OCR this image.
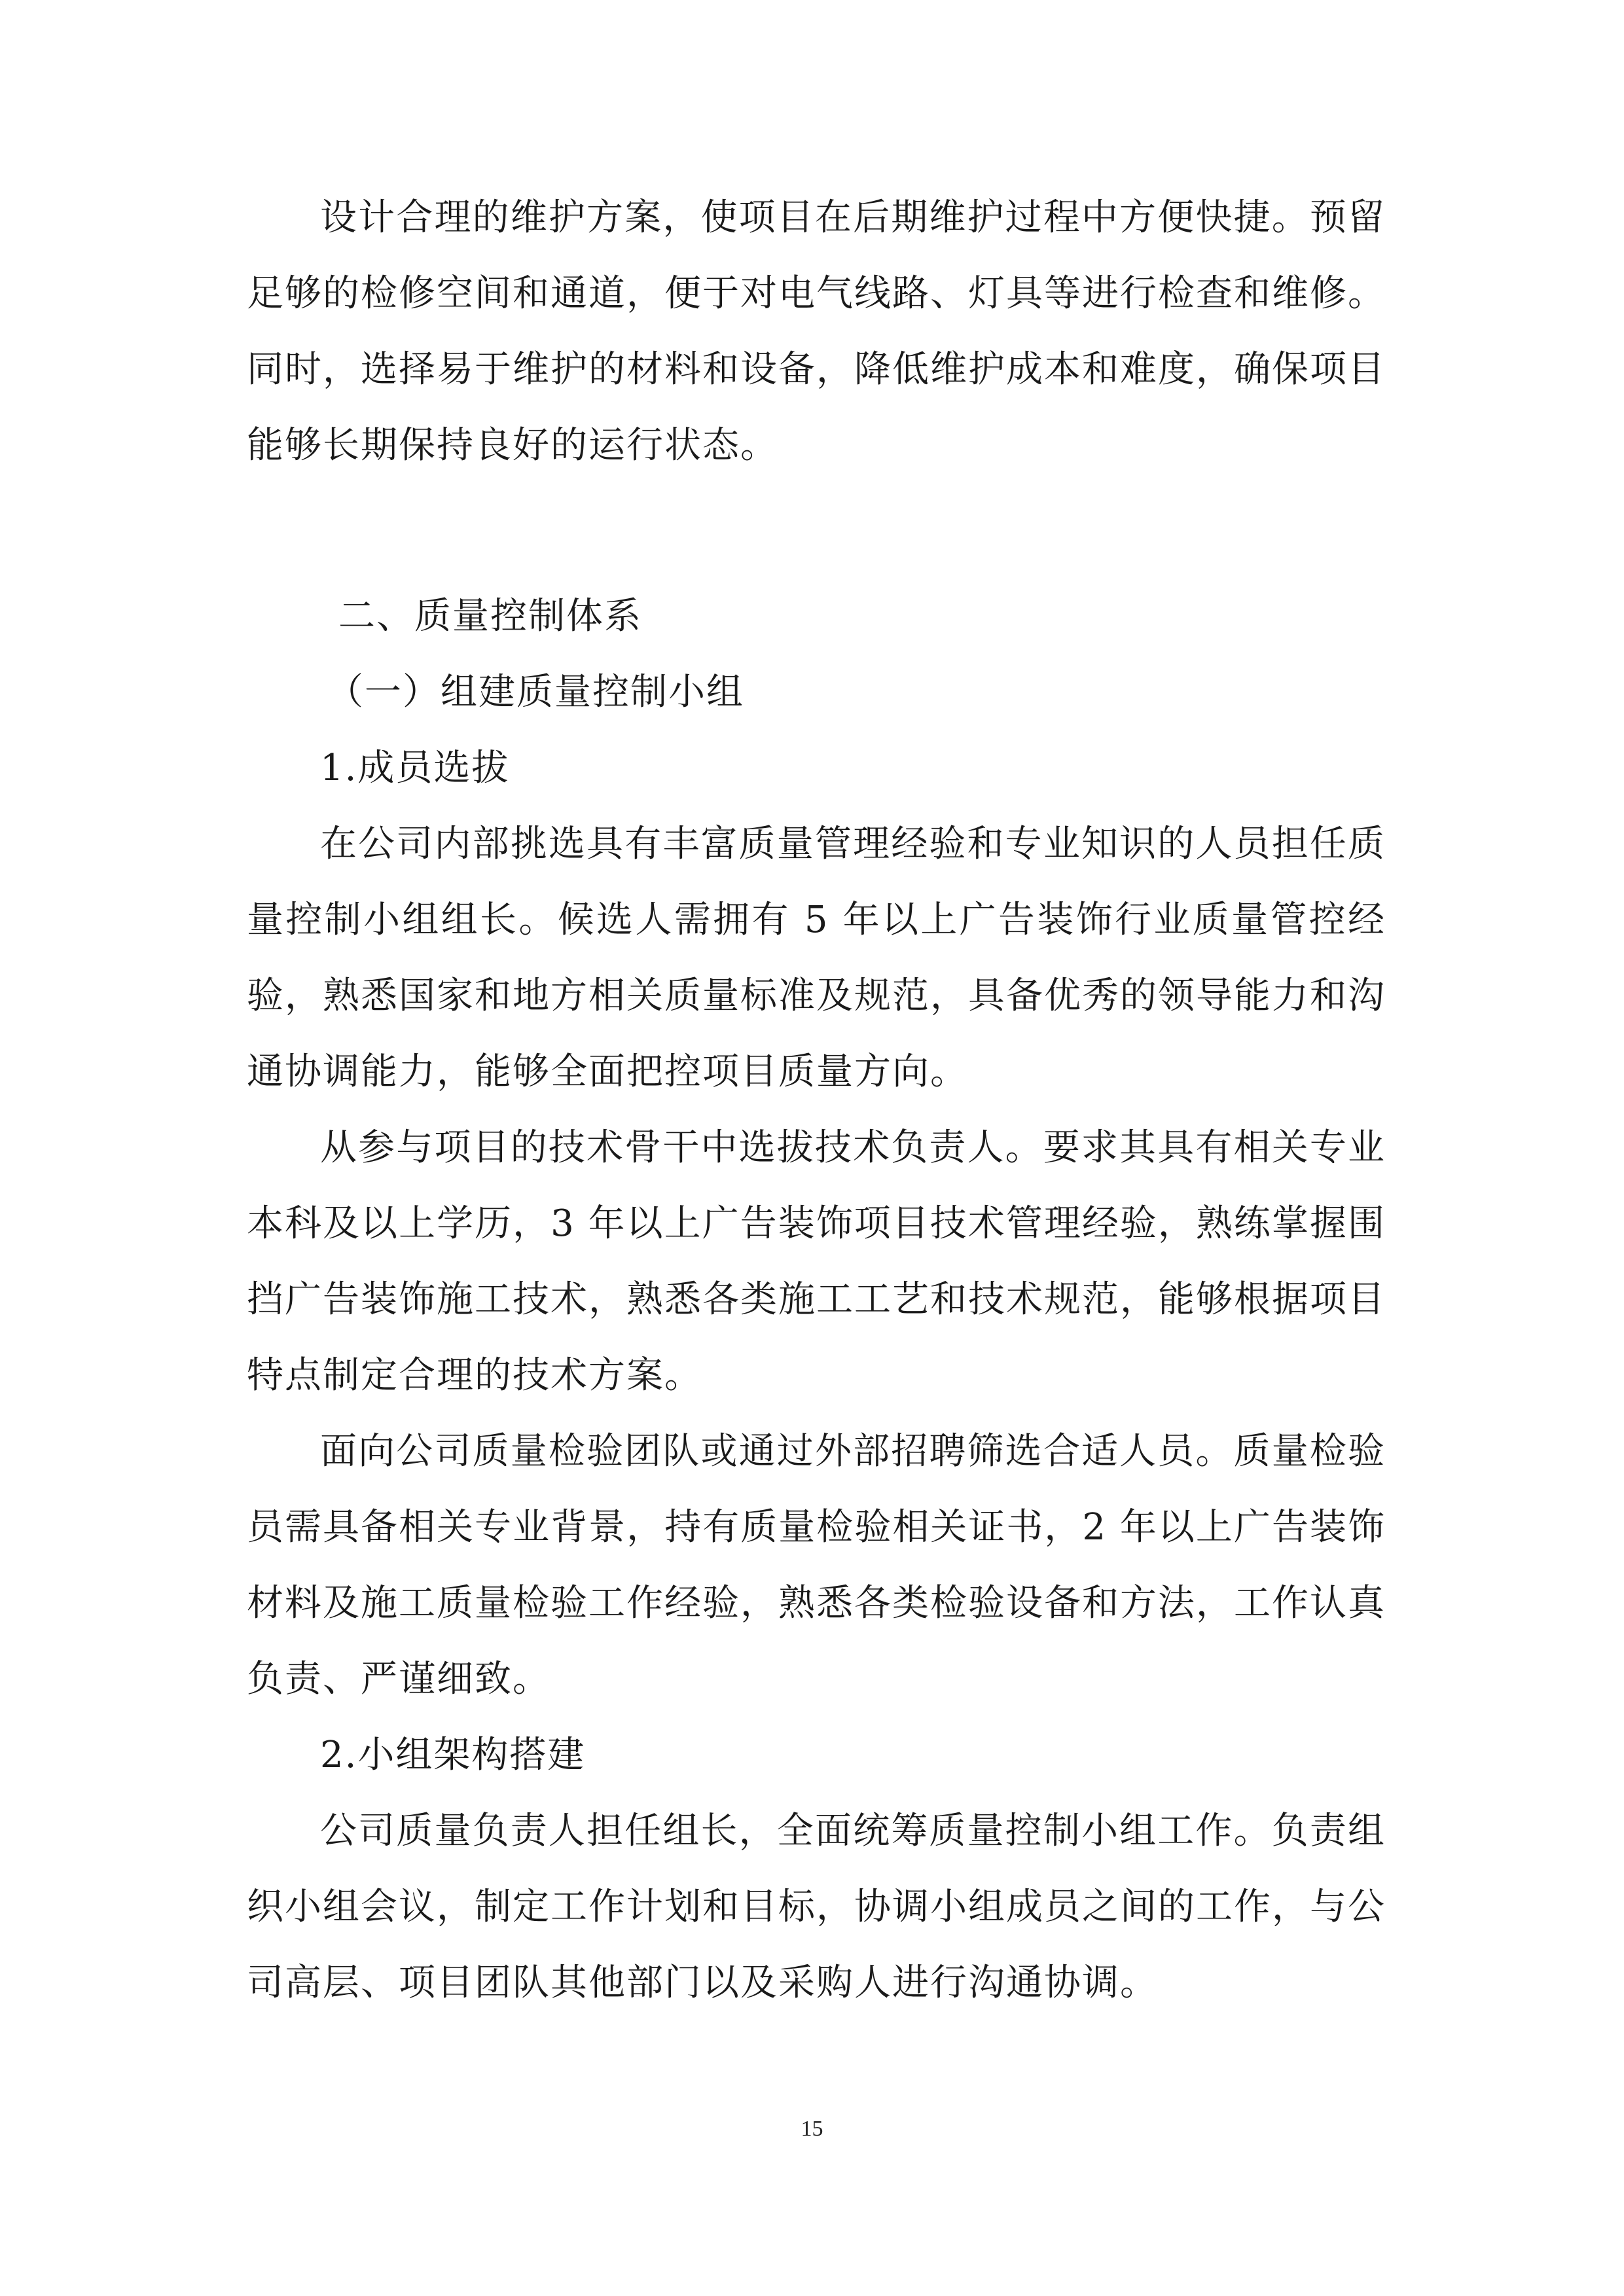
设计合理的维护方案，使项目在后期维护过程中方便快捷。预留足够的检修空间和通道，便于对电气线路、灯具等进行检查和维修。同时，选择易于维护的材料和设备，降低维护成本和难度，确保项目能够长期保持良好的运行状态。

二、质量控制体系

（一）组建质量控制小组

1.成员选拔

在公司内部挑选具有丰富质量管理经验和专业知识的人员担任质量控制小组组长。候选人需拥有 5 年以上广告装饰行业质量管控经验，熟悉国家和地方相关质量标准及规范，具备优秀的领导能力和沟通协调能力，能够全面把控项目质量方向。

从参与项目的技术骨干中选拔技术负责人。要求其具有相关专业本科及以上学历，3 年以上广告装饰项目技术管理经验，熟练掌握围挡广告装饰施工技术，熟悉各类施工工艺和技术规范，能够根据项目特点制定合理的技术方案。

面向公司质量检验团队或通过外部招聘筛选合适人员。质量检验员需具备相关专业背景，持有质量检验相关证书，2 年以上广告装饰材料及施工质量检验工作经验，熟悉各类检验设备和方法，工作认真负责、严谨细致。

2.小组架构搭建

公司质量负责人担任组长，全面统筹质量控制小组工作。负责组织小组会议，制定工作计划和目标，协调小组成员之间的工作，与公司高层、项目团队其他部门以及采购人进行沟通协调。

15
